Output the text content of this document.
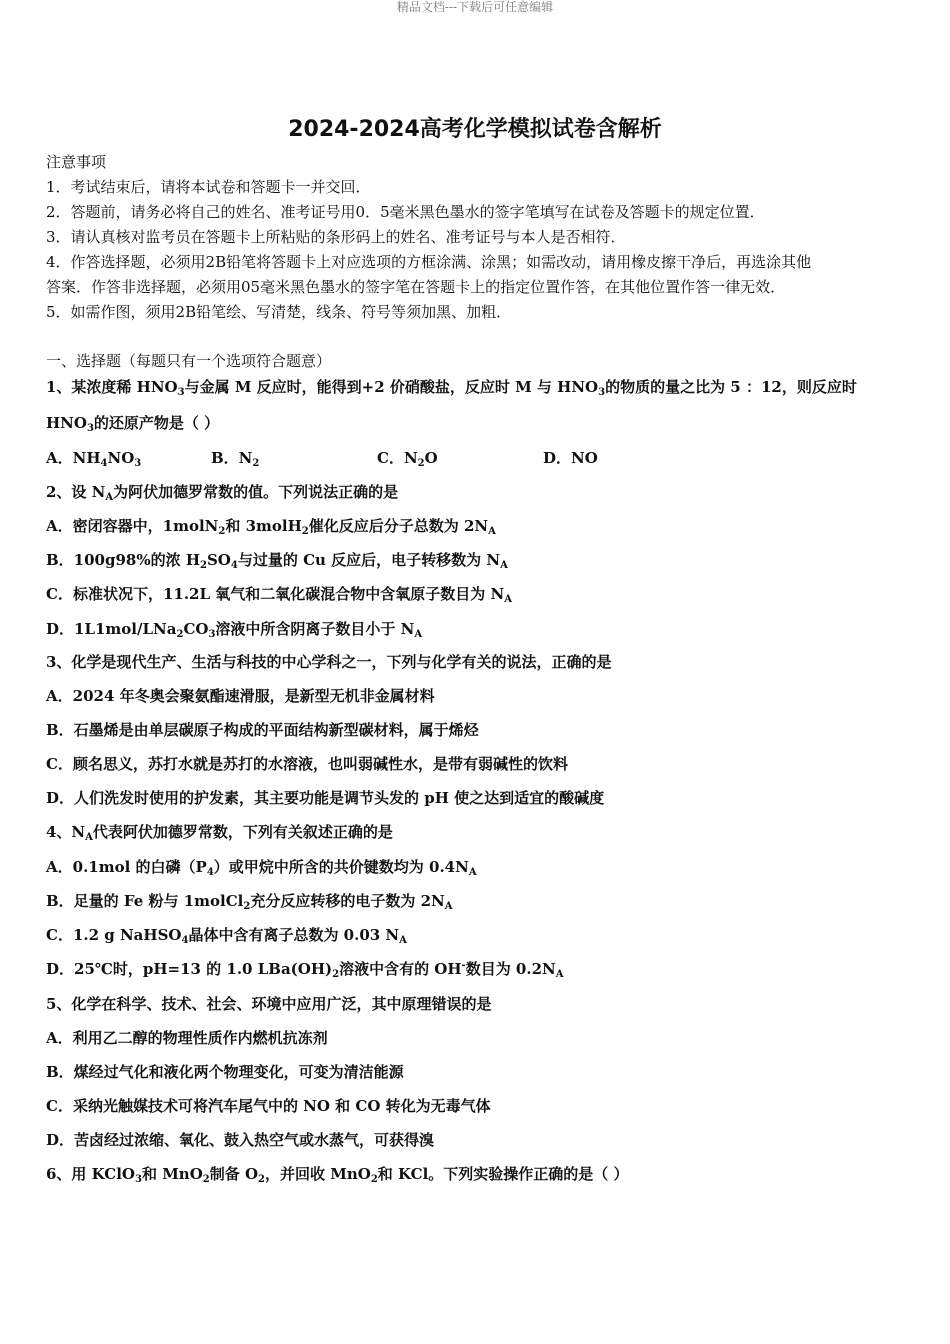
精品文档---下载后可任意编辑
2024-2024高考化学模拟试卷含解析
注意事项
1．考试结束后，请将本试卷和答题卡一并交回．
2．答题前，请务必将自己的姓名、准考证号用0．5毫米黑色墨水的签字笔填写在试卷及答题卡的规定位置．
3．请认真核对监考员在答题卡上所粘贴的条形码上的姓名、准考证号与本人是否相符．
4．作答选择题，必须用2B铅笔将答题卡上对应选项的方框涂满、涂黑；如需改动，请用橡皮擦干净后，再选涂其他
答案．作答非选择题，必须用05毫米黑色墨水的签字笔在答题卡上的指定位置作答，在其他位置作答一律无效．
5．如需作图，须用2B铅笔绘、写清楚，线条、符号等须加黑、加粗．
一、选择题（每题只有一个选项符合题意）
1、某浓度稀 $HNO_3$与金属 M 反应时，能得到+2 价硝酸盐，反应时 M 与 $HNO_3$的物质的量之比为 5 ：12，则反应时
$HNO_3$的还原产物是（ ）
A．$NH_4NO_3$	B．$N_2$	C．$N_2O$	D．NO
2、设 $N_A$为阿伏加德罗常数的值。下列说法正确的是
A．密闭容器中，1molN$_2$和 3molH$_2$催化反应后分子总数为 $2N_A$
B．100g98%的浓 $H_2SO_4$与过量的 Cu 反应后，电子转移数为 $N_A$
C．标准状况下，11.2L 氧气和二氧化碳混合物中含氧原子数目为 $N_A$
D．$1L1mol/LNa_2CO_3$溶液中所含阴离子数目小于 $N_A$
3、化学是现代生产、生活与科技的中心学科之一，下列与化学有关的说法，正确的是
A．2024 年冬奥会聚氨酯速滑服，是新型无机非金属材料
B．石墨烯是由单层碳原子构成的平面结构新型碳材料，属于烯烃
C．顾名思义，苏打水就是苏打的水溶液，也叫弱碱性水，是带有弱碱性的饮料
D．人们洗发时使用的护发素，其主要功能是调节头发的 pH 使之达到适宜的酸碱度
4、$N_A$代表阿伏加德罗常数，下列有关叙述正确的是
A．0.1mol 的白磷$(P_4)$或甲烷中所含的共价键数均为 $0.4N_A$
B．足量的 Fe 粉与 1molCl$_2$充分反应转移的电子数为 $2N_A$
C．1.2 g NaHSO$_4$晶体中含有离子总数为 0.03 $N_A$
D．25℃时，pH=13 的 1.0 $LBa(OH)_2$溶液中含有的 OH-数目为 $0.2N_A$
5、化学在科学、技术、社会、环境中应用广泛，其中原理错误的是
A．利用乙二醇的物理性质作内燃机抗冻剂
B．煤经过气化和液化两个物理变化，可变为清洁能源
C．采纳光触媒技术可将汽车尾气中的 NO 和 CO 转化为无毒气体
D．苦卤经过浓缩、氧化、鼓入热空气或水蒸气，可获得溴
6、用 KClO$_3$和 MnO$_2$制备 $O_2$，并回收 MnO$_2$和 KCl。下列实验操作正确的是（ ）
